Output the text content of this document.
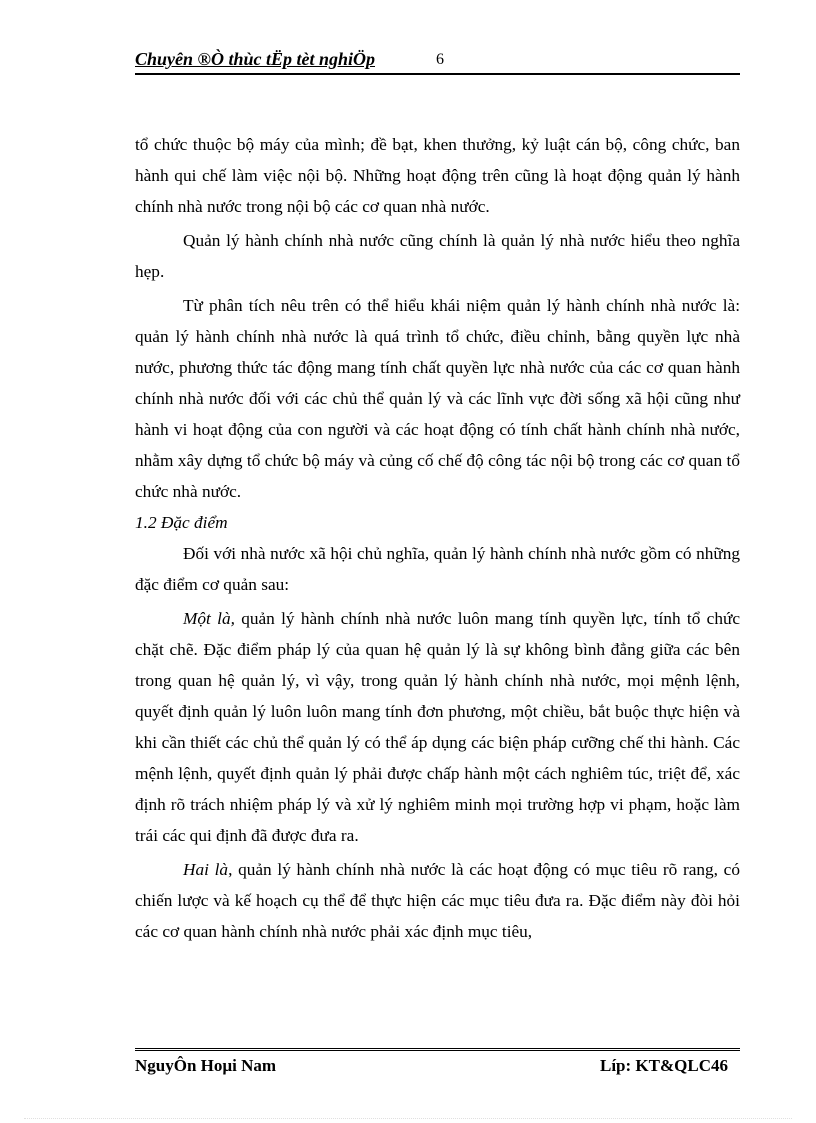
Chuyên ®Ò thùc tËp tèt nghiÖp	6

tổ chức thuộc bộ máy của mình; đề bạt, khen thưởng, kỷ luật cán bộ, công chức, ban hành qui chế làm việc nội bộ. Những hoạt động trên cũng là hoạt động quản lý hành chính nhà nước trong nội bộ các cơ quan nhà nước.

Quản lý hành chính nhà nước cũng chính là quản lý nhà nước hiểu theo nghĩa hẹp.

Từ phân tích nêu trên có thể hiểu khái niệm quản lý hành chính nhà nước là: quản lý hành chính nhà nước là quá trình tổ chức, điều chỉnh, bằng quyền lực nhà nước, phương thức tác động mang tính chất quyền lực nhà nước của các cơ quan hành chính nhà nước đối với các chủ thể quản lý và các lĩnh vực đời sống xã hội cũng như hành vi hoạt động của con người và các hoạt động có tính chất hành chính nhà nước, nhằm xây dựng tổ chức bộ máy và củng cố chế độ công tác nội bộ trong các cơ quan tổ chức nhà nước.

1.2 Đặc điểm

Đối với nhà nước xã hội chủ nghĩa, quản lý hành chính nhà nước gồm có những đặc điểm cơ quản sau:

Một là, quản lý hành chính nhà nước luôn mang tính quyền lực, tính tổ chức chặt chẽ. Đặc điểm pháp lý của quan hệ quản lý là sự không bình đẳng giữa các bên trong quan hệ quản lý, vì vậy, trong quản lý hành chính nhà nước, mọi mệnh lệnh, quyết định quản lý luôn luôn mang tính đơn phương, một chiều, bắt buộc thực hiện và khi cần thiết các chủ thể quản lý có thể áp dụng các biện pháp cưỡng chế thi hành. Các mệnh lệnh, quyết định quản lý phải được chấp hành một cách nghiêm túc, triệt để, xác định rõ trách nhiệm pháp lý và xử lý nghiêm minh mọi trường hợp vi phạm, hoặc làm trái các qui định đã được đưa ra.

Hai là, quản lý hành chính nhà nước là các hoạt động có mục tiêu rõ rang, có chiến lược và kế hoạch cụ thể để thực hiện các mục tiêu đưa ra. Đặc điểm này đòi hỏi các cơ quan hành chính nhà nước phải xác định mục tiêu,

NguyÔn Hoµi Nam	Líp: KT&QLC46
